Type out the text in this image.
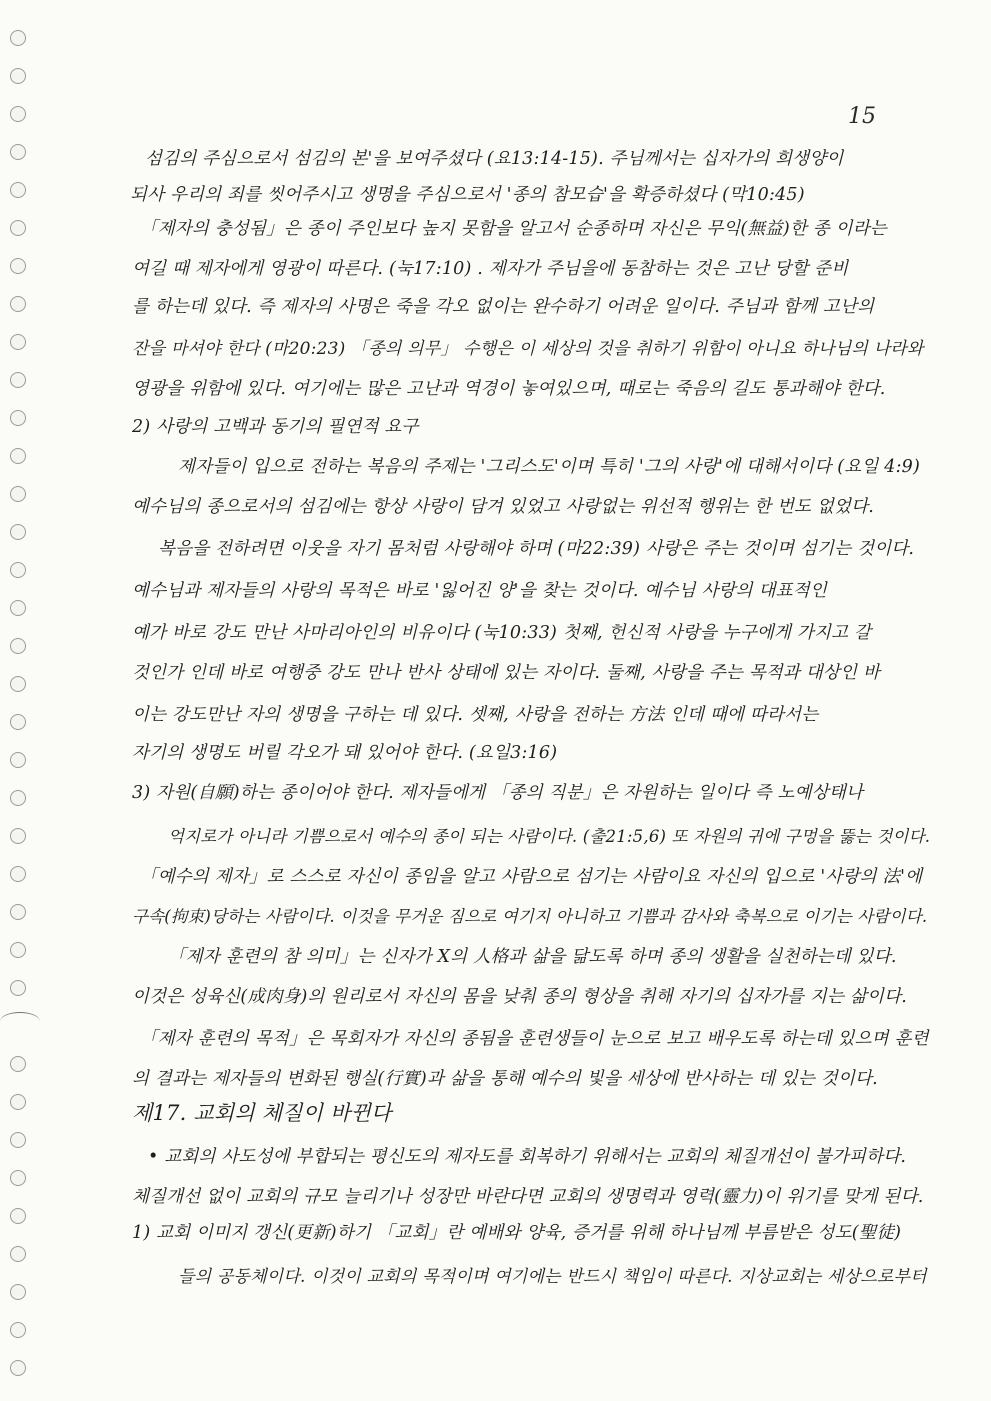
15
섬김의 주심으로서 섬김의 본'을 보여주셨다 (요13:14-15). 주님께서는 십자가의 희생양이
되사 우리의 죄를 씻어주시고 생명을 주심으로서 '종의 참모습'을 확증하셨다 (막10:45)
「제자의 충성됨」은 종이 주인보다 높지 못함을 알고서 순종하며 자신은 무익(無益)한 종 이라는
여길 때 제자에게 영광이 따른다. (눅17:10) . 제자가 주님을에 동참하는 것은 고난 당할 준비
를 하는데 있다. 즉 제자의 사명은 죽을 각오 없이는 완수하기 어려운 일이다. 주님과 함께 고난의
잔을 마셔야 한다 (마20:23) 「종의 의무」 수행은 이 세상의 것을 취하기 위함이 아니요 하나님의 나라와
영광을 위함에 있다. 여기에는 많은 고난과 역경이 놓여있으며, 때로는 죽음의 길도 통과해야 한다.
2) 사랑의 고백과 동기의 필연적 요구
제자들이 입으로 전하는 복음의 주제는 '그리스도'이며 특히 '그의 사랑'에 대해서이다 (요일 4:9)
예수님의 종으로서의 섬김에는 항상 사랑이 담겨 있었고 사랑없는 위선적 행위는 한 번도 없었다.
복음을 전하려면 이웃을 자기 몸처럼 사랑해야 하며 (마22:39) 사랑은 주는 것이며 섬기는 것이다.
예수님과 제자들의 사랑의 목적은 바로 '잃어진 양'을 찾는 것이다. 예수님 사랑의 대표적인
예가 바로 강도 만난 사마리아인의 비유이다 (눅10:33) 첫째, 헌신적 사랑을 누구에게 가지고 갈
것인가 인데 바로 여행중 강도 만나 반사 상태에 있는 자이다. 둘째, 사랑을 주는 목적과 대상인 바
이는 강도만난 자의 생명을 구하는 데 있다. 셋째, 사랑을 전하는 方法 인데 때에 따라서는
자기의 생명도 버릴 각오가 돼 있어야 한다. (요일3:16)
3) 자원(自願)하는 종이어야 한다. 제자들에게 「종의 직분」은 자원하는 일이다 즉 노예상태나
억지로가 아니라 기쁨으로서 예수의 종이 되는 사람이다. (출21:5,6) 또 자원의 귀에 구멍을 뚫는 것이다.
「예수의 제자」로 스스로 자신이 종임을 알고 사람으로 섬기는 사람이요 자신의 입으로 '사랑의 法'에
구속(拘束)당하는 사람이다. 이것을 무거운 짐으로 여기지 아니하고 기쁨과 감사와 축복으로 이기는 사람이다.
「제자 훈련의 참 의미」는 신자가 X의 人格과 삶을 닮도록 하며 종의 생활을 실천하는데 있다.
이것은 성육신(成肉身)의 원리로서 자신의 몸을 낮춰 종의 형상을 취해 자기의 십자가를 지는 삶이다.
「제자 훈련의 목적」은 목회자가 자신의 종됨을 훈련생들이 눈으로 보고 배우도록 하는데 있으며 훈련
의 결과는 제자들의 변화된 행실(行實)과 삶을 통해 예수의 빛을 세상에 반사하는 데 있는 것이다.
제17. 교회의 체질이 바뀐다
• 교회의 사도성에 부합되는 평신도의 제자도를 회복하기 위해서는 교회의 체질개선이 불가피하다.
체질개선 없이 교회의 규모 늘리기나 성장만 바란다면 교회의 생명력과 영력(靈力)이 위기를 맞게 된다.
1) 교회 이미지 갱신(更新)하기 「교회」란 예배와 양육, 증거를 위해 하나님께 부름받은 성도(聖徒)
들의 공동체이다. 이것이 교회의 목적이며 여기에는 반드시 책임이 따른다. 지상교회는 세상으로부터
